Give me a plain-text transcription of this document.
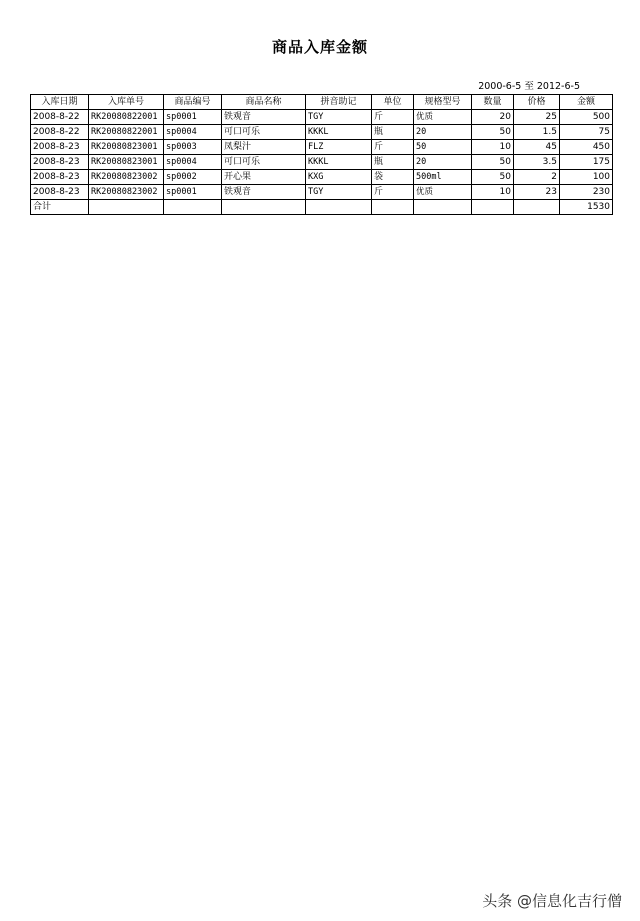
商品入库金额
2000-6-5 至 2012-6-5
入库日期	入库单号	商品编号	商品名称	拼音助记	单位	规格型号	数量	价格	金额
2008-8-22	RK20080822001	sp0001	铁观音	TGY	斤	优质	20	25	500
2008-8-22	RK20080822001	sp0004	可口可乐	KKKL	瓶	20	50	1.5	75
2008-8-23	RK20080823001	sp0003	凤梨汁	FLZ	斤	50	10	45	450
2008-8-23	RK20080823001	sp0004	可口可乐	KKKL	瓶	20	50	3.5	175
2008-8-23	RK20080823002	sp0002	开心果	KXG	袋	500ml	50	2	100
2008-8-23	RK20080823002	sp0001	铁观音	TGY	斤	优质	10	23	230
合计									1530
头条 @信息化吉行僧
